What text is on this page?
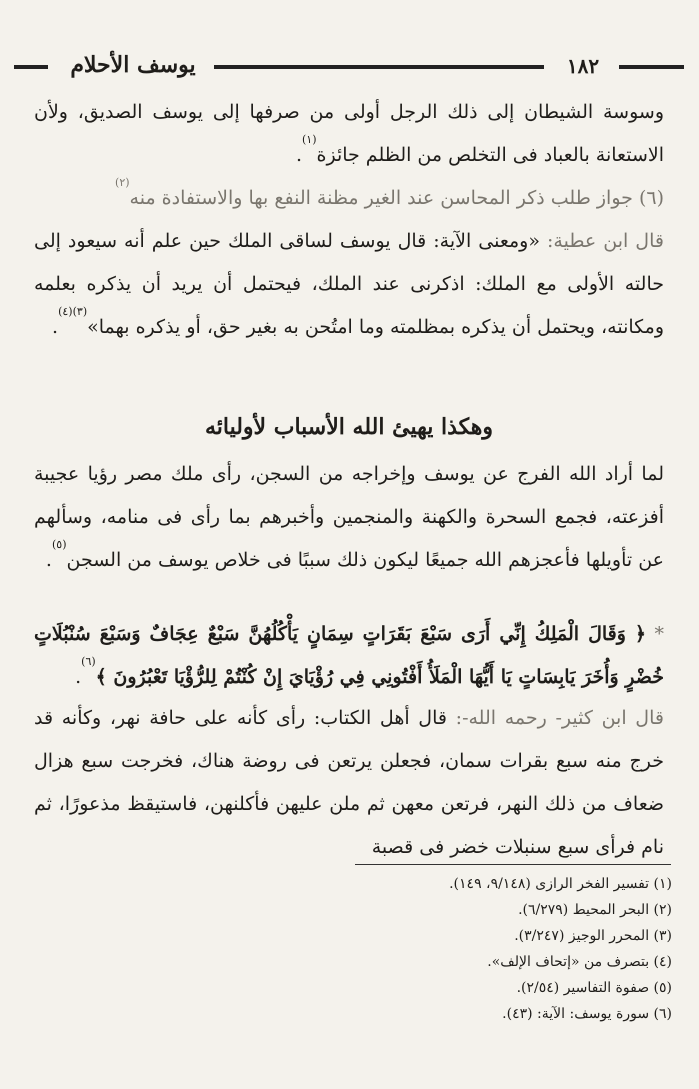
يوسف الأحلام	١٨٢
وسوسة الشيطان إلى ذلك الرجل أولى من صرفها إلى يوسف الصديق، ولأن الاستعانة بالعباد فى التخلص من الظلم جائزة$^{(١)}$.
(٦) جواز طلب ذكر المحاسن عند الغير مظنة النفع بها والاستفادة منه$^{(٢)}$
قال ابن عطية: «ومعنى الآية: قال يوسف لساقى الملك حين علم أنه سيعود إلى حالته الأولى مع الملك: اذكرنى عند الملك، فيحتمل أن يريد أن يذكره بعلمه ومكانته، ويحتمل أن يذكره بمظلمته وما امتُحن به بغير حق، أو يذكره بهما»$^{(٣)(٤)}$.
وهكذا يهيئ الله الأسباب لأوليائه
لما أراد الله الفرج عن يوسف وإخراجه من السجن، رأى ملك مصر رؤيا عجيبة أفزعته، فجمع السحرة والكهنة والمنجمين وأخبرهم بما رأى فى منامه، وسألهم عن تأويلها فأعجزهم الله جميعًا ليكون ذلك سببًا فى خلاص يوسف من السجن$^{(٥)}$.
* ﴿ وَقَالَ الْمَلِكُ إِنِّي أَرَى سَبْعَ بَقَرَاتٍ سِمَانٍ يَأْكُلُهُنَّ سَبْعٌ عِجَافٌ وَسَبْعَ سُنْبُلَاتٍ خُضْرٍ وَأُخَرَ يَابِسَاتٍ يَا أَيُّهَا الْمَلَأُ أَفْتُونِي فِي رُؤْيَايَ إِنْ كُنْتُمْ لِلرُّؤْيَا تَعْبُرُونَ ﴾$^{(٦)}$.
قال ابن كثير- رحمه الله-: قال أهل الكتاب: رأى كأنه على حافة نهر، وكأنه قد خرج منه سبع بقرات سمان، فجعلن يرتعن فى روضة هناك، فخرجت سبع هزال ضعاف من ذلك النهر، فرتعن معهن ثم ملن عليهن فأكلنهن، فاستيقظ مذعورًا، ثم نام فرأى سبع سنبلات خضر فى قصبة
(١) تفسير الفخر الرازى (٩/١٤٨، ١٤٩).
(٢) البحر المحيط (٦/٢٧٩).
(٣) المحرر الوجيز (٣/٢٤٧).
(٤) بتصرف من «إتحاف الإلف».
(٥) صفوة التفاسير (٢/٥٤).
(٦) سورة يوسف: الآية: (٤٣).
